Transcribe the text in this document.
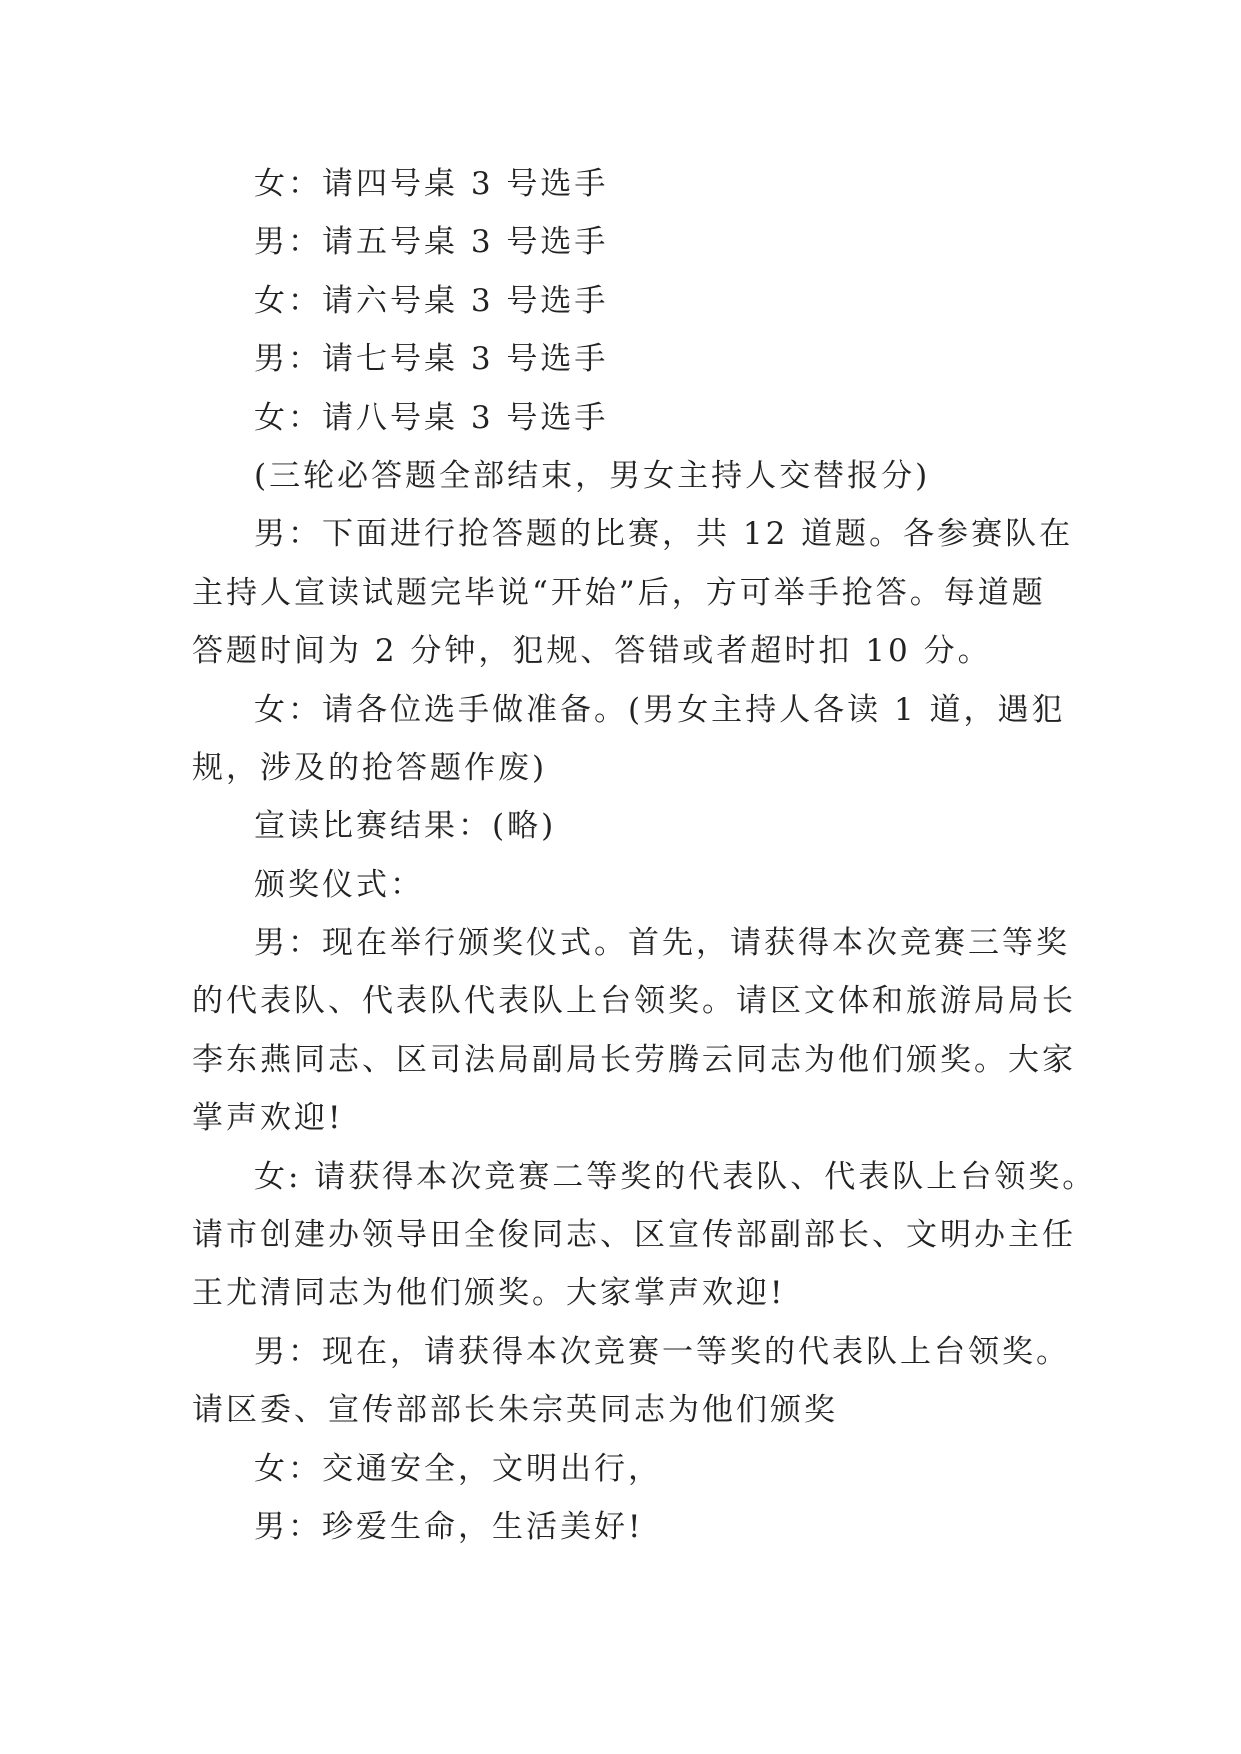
女：请四号桌 3 号选手
男：请五号桌 3 号选手
女：请六号桌 3 号选手
男：请七号桌 3 号选手
女：请八号桌 3 号选手
(三轮必答题全部结束，男女主持人交替报分)
男：下面进行抢答题的比赛，共 12 道题。各参赛队在
主持人宣读试题完毕说“开始”后，方可举手抢答。每道题
答题时间为 2 分钟，犯规、答错或者超时扣 10 分。
女：请各位选手做准备。(男女主持人各读 1 道，遇犯
规，涉及的抢答题作废)
宣读比赛结果：(略)
颁奖仪式：
男：现在举行颁奖仪式。首先，请获得本次竞赛三等奖
的代表队、代表队代表队上台领奖。请区文体和旅游局局长
李东燕同志、区司法局副局长劳腾云同志为他们颁奖。大家
掌声欢迎!
女: 请获得本次竞赛二等奖的代表队、代表队上台领奖。
请市创建办领导田全俊同志、区宣传部副部长、文明办主任
王尤清同志为他们颁奖。大家掌声欢迎!
男：现在，请获得本次竞赛一等奖的代表队上台领奖。
请区委、宣传部部长朱宗英同志为他们颁奖
女：交通安全，文明出行，
男：珍爱生命，生活美好!
